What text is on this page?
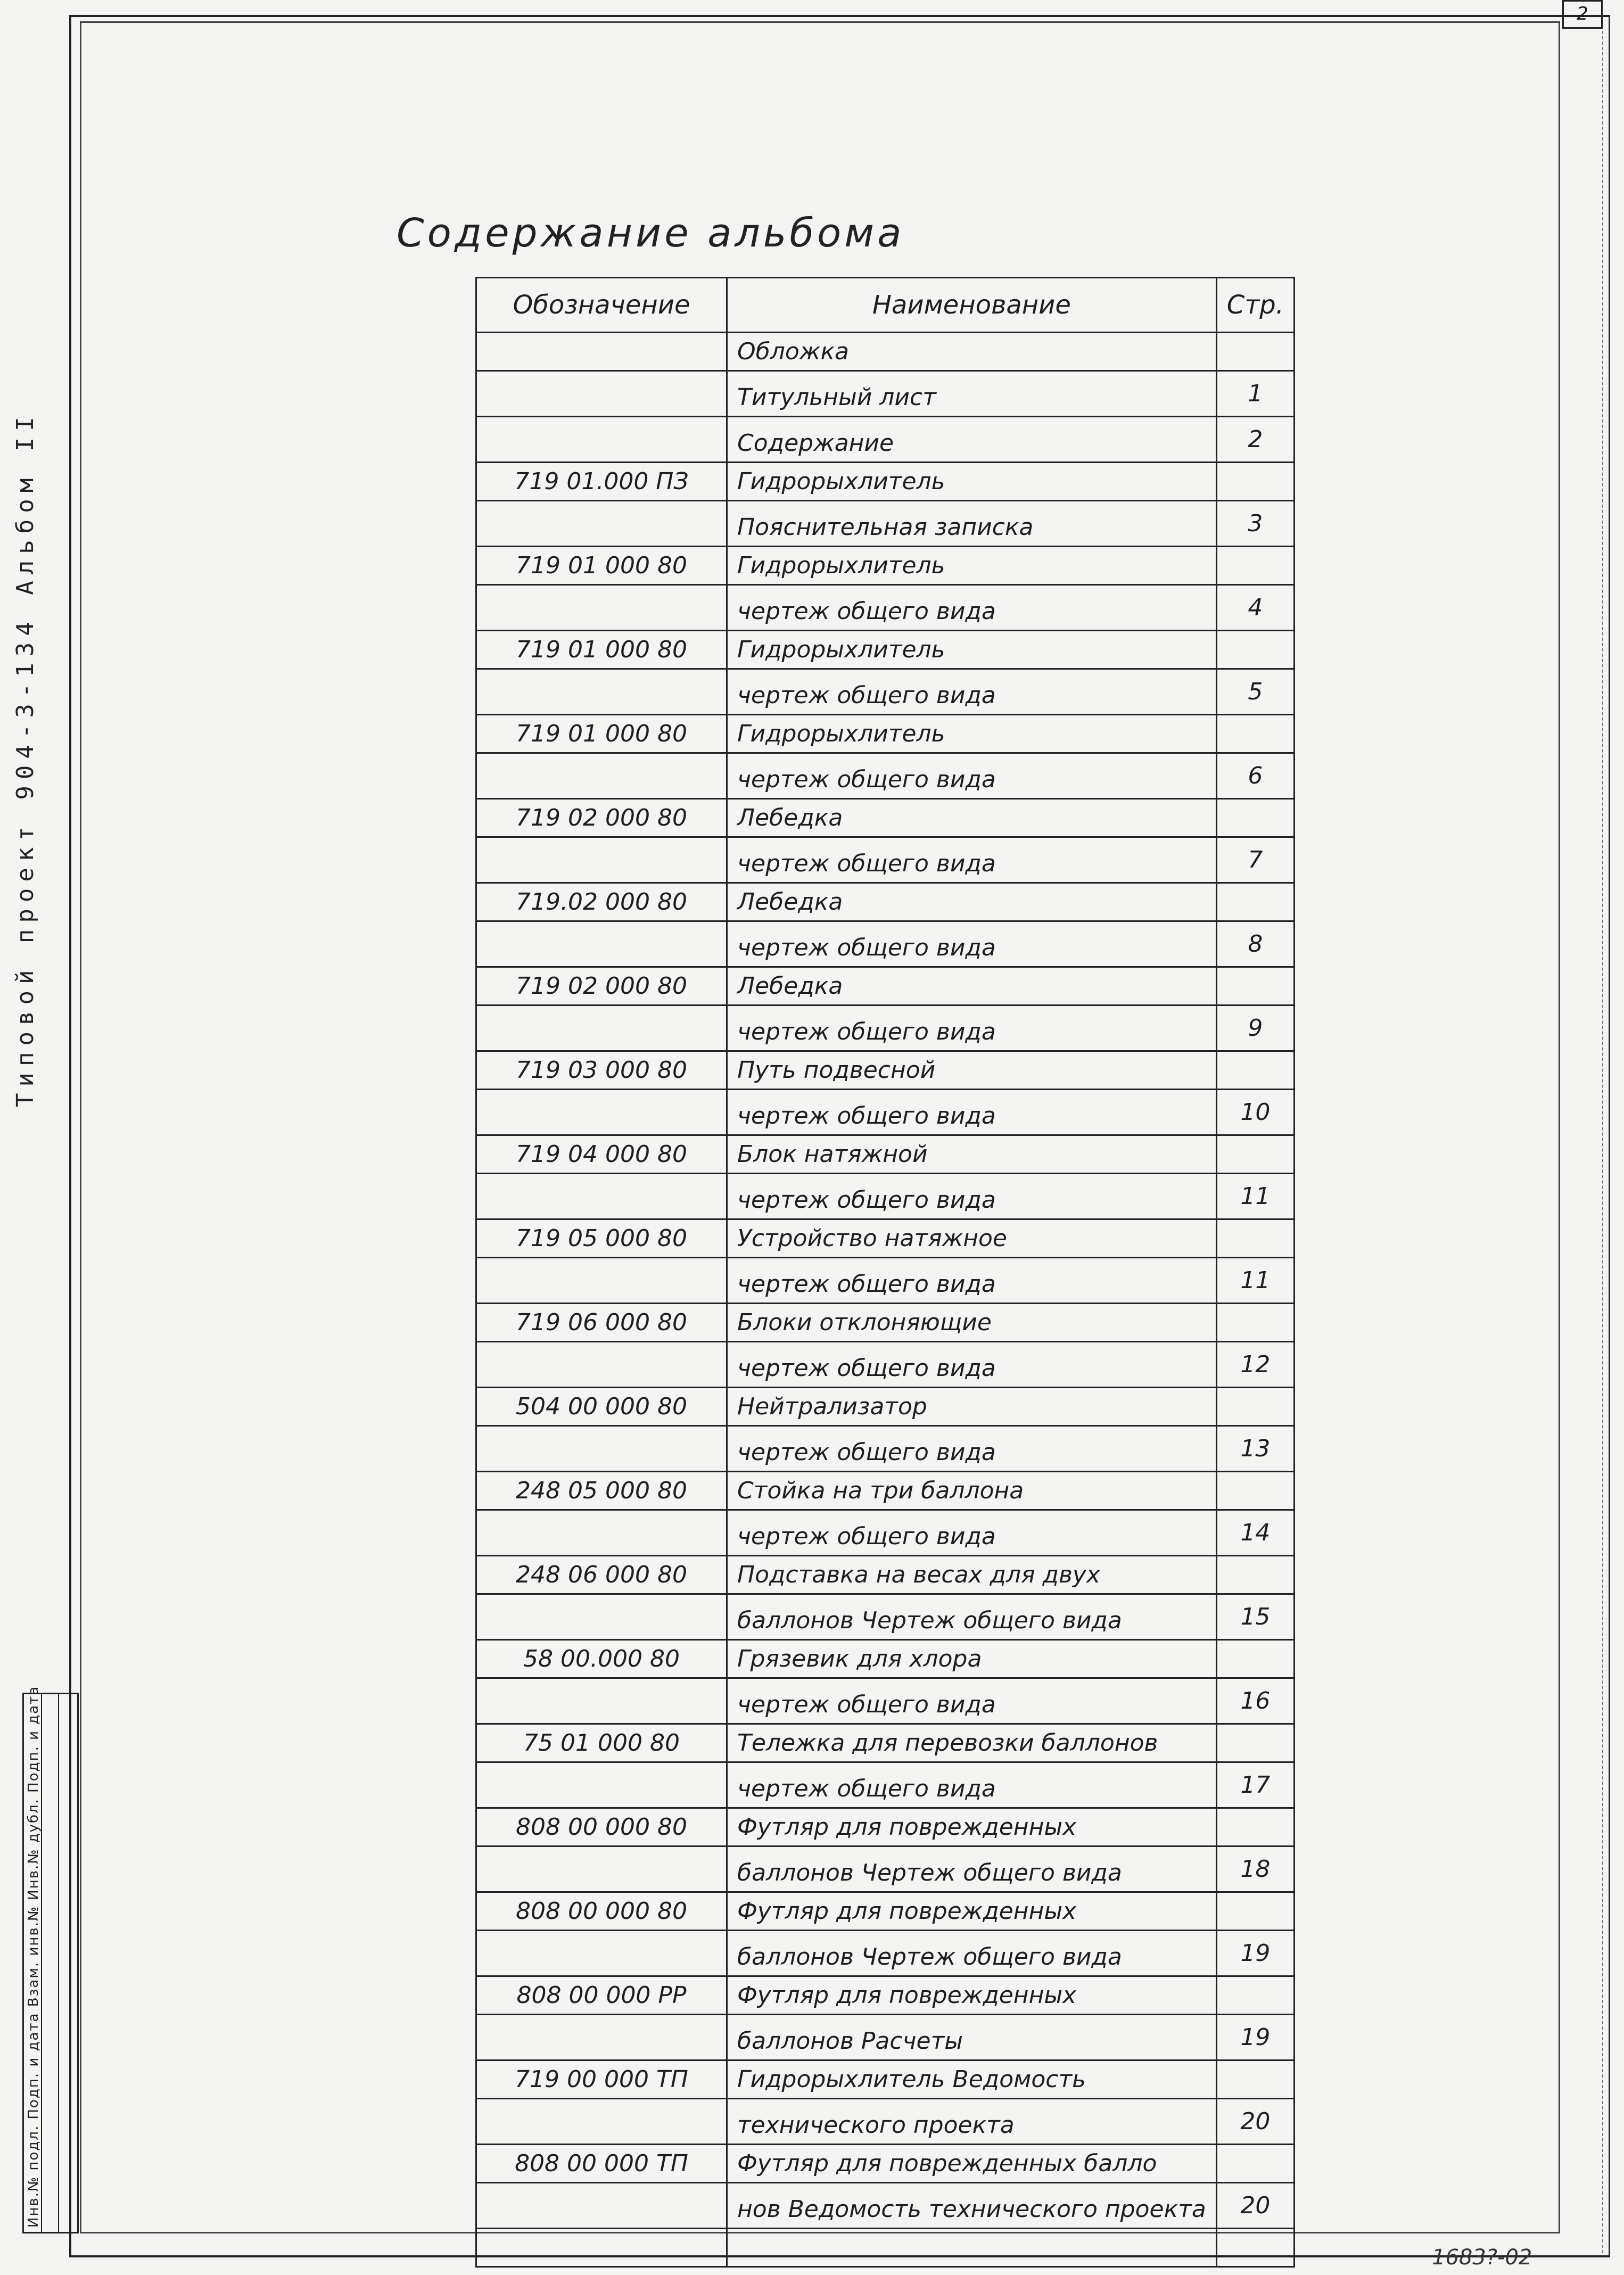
2
Типовой проект 904-3-134 Альбом II
Инв.№ подл. Подп. и дата Взам. инв.№ Инв.№ дубл. Подп. и дата
Содержание альбома
Обозначение	Наименование	Стр.
	Обложка	
	Титульный лист	1
	Содержание	2
719 01.000 ПЗ	Гидрорыхлитель	
	Пояснительная записка	3
719 01 000 80	Гидрорыхлитель	
	чертеж общего вида	4
719 01 000 80	Гидрорыхлитель	
	чертеж общего вида	5
719 01 000 80	Гидрорыхлитель	
	чертеж общего вида	6
719 02 000 80	Лебедка	
	чертеж общего вида	7
719.02 000 80	Лебедка	
	чертеж общего вида	8
719 02 000 80	Лебедка	
	чертеж общего вида	9
719 03 000 80	Путь подвесной	
	чертеж общего вида	10
719 04 000 80	Блок натяжной	
	чертеж общего вида	11
719 05 000 80	Устройство натяжное	
	чертеж общего вида	11
719 06 000 80	Блоки отклоняющие	
	чертеж общего вида	12
504 00 000 80	Нейтрализатор	
	чертеж общего вида	13
248 05 000 80	Стойка на три баллона	
	чертеж общего вида	14
248 06 000 80	Подставка на весах для двух	
	баллонов Чертеж общего вида	15
58 00.000 80	Грязевик для хлора	
	чертеж общего вида	16
75 01 000 80	Тележка для перевозки баллонов	
	чертеж общего вида	17
808 00 000 80	Футляр для поврежденных	
	баллонов Чертеж общего вида	18
808 00 000 80	Футляр для поврежденных	
	баллонов Чертеж общего вида	19
808 00 000 РР	Футляр для поврежденных	
	баллонов Расчеты	19
719 00 000 ТП	Гидрорыхлитель Ведомость	
	технического проекта	20
808 00 000 ТП	Футляр для поврежденных балло	
	нов Ведомость технического проекта	20

1683?-02
